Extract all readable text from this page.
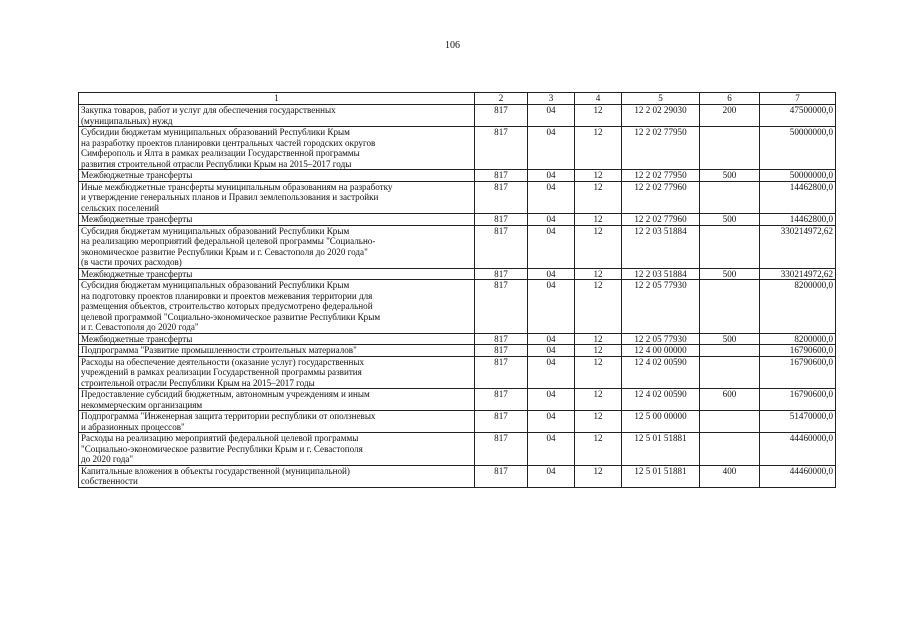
106
1	2	3	4	5	6	7
Закупка товаров, работ и услуг для обеспечения государственных
(муниципальных) нужд	817	04	12	12 2 02 29030	200	47500000,0
Субсидии бюджетам муниципальных образований Республики Крым
на разработку проектов планировки центральных частей городских округов
Симферополь и Ялта в рамках реализации Государственной программы
развития строительной отрасли Республики Крым на 2015–2017 годы	817	04	12	12 2 02 77950		50000000,0
Межбюджетные трансферты	817	04	12	12 2 02 77950	500	50000000,0
Иные межбюджетные трансферты муниципальным образованиям на разработку
и утверждение генеральных планов и Правил землепользования и застройки
сельских поселений	817	04	12	12 2 02 77960		14462800,0
Межбюджетные трансферты	817	04	12	12 2 02 77960	500	14462800,0
Субсидия бюджетам муниципальных образований Республики Крым
на реализацию мероприятий федеральной целевой программы "Социально-
экономическое развитие Республики Крым и г. Севастополя до 2020 года"
(в части прочих расходов)	817	04	12	12 2 03 51884		330214972,62
Межбюджетные трансферты	817	04	12	12 2 03 51884	500	330214972,62
Субсидия бюджетам муниципальных образований Республики Крым
на подготовку проектов планировки и проектов межевания территории для
размещения объектов, строительство которых предусмотрено федеральной
целевой программой "Социально-экономическое развитие Республики Крым
и г. Севастополя до 2020 года"	817	04	12	12 2 05 77930		8200000,0
Межбюджетные трансферты	817	04	12	12 2 05 77930	500	8200000,0
Подпрограмма "Развитие промышленности строительных материалов"	817	04	12	12 4 00 00000		16790600,0
Расходы на обеспечение деятельности (оказание услуг) государственных
учреждений в рамках реализации Государственной программы развития
строительной отрасли Республики Крым на 2015–2017 годы	817	04	12	12 4 02 00590		16790600,0
Предоставление субсидий бюджетным, автономным учреждениям и иным
некоммерческим организациям	817	04	12	12 4 02 00590	600	16790600,0
Подпрограмма "Инженерная защита территории республики от оползневых
и абразионных процессов"	817	04	12	12 5 00 00000		51470000,0
Расходы на реализацию мероприятий федеральной целевой программы
"Социально-экономическое развитие Республики Крым и г. Севастополя
до 2020 года"	817	04	12	12 5 01 51881		44460000,0
Капитальные вложения в объекты государственной (муниципальной)
собственности	817	04	12	12 5 01 51881	400	44460000,0
